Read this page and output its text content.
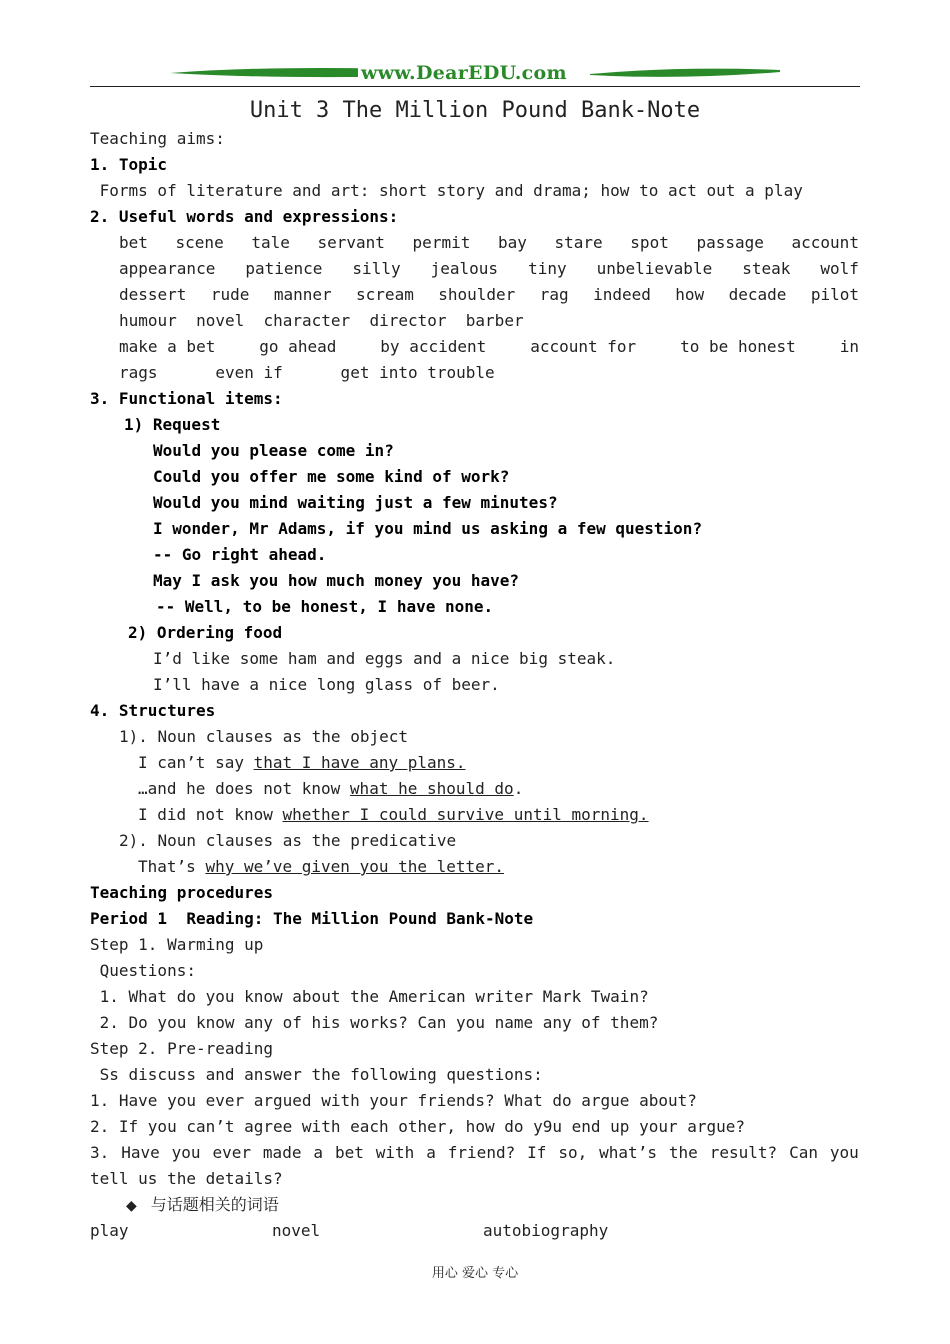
www.DearEDU.com
Unit 3 The Million Pound Bank-Note
Teaching aims:
1. Topic
Forms of literature and art: short story and drama; how to act out a play
2. Useful words and expressions:
bet scene tale servant permit bay stare spot passage account
appearance patience silly jealous tiny unbelievable steak wolf
dessert rude manner scream shoulder rag indeed how decade pilot
humour  novel  character  director  barber
make a bet	go ahead	by accident	account for	to be honest	in
rags      even if      get into trouble
3. Functional items:
1) Request
Would you please come in?
Could you offer me some kind of work?
Would you mind waiting just a few minutes?
I wonder, Mr Adams, if you mind us asking a few question?
-- Go right ahead.
May I ask you how much money you have?
-- Well, to be honest, I have none.
2) Ordering food
I’d like some ham and eggs and a nice big steak.
I’ll have a nice long glass of beer.
4. Structures
1). Noun clauses as the object
I can’t say that I have any plans.
…and he does not know what he should do.
I did not know whether I could survive until morning.
2). Noun clauses as the predicative
That’s why we’ve given you the letter.
Teaching procedures
Period 1  Reading: The Million Pound Bank-Note
Step 1. Warming up
Questions:
1. What do you know about the American writer Mark Twain?
2. Do you know any of his works? Can you name any of them?
Step 2. Pre-reading
Ss discuss and answer the following questions:
1. Have you ever argued with your friends? What do argue about?
2. If you can’t agree with each other, how do y9u end up your argue?
3. Have you ever made a bet with a friend? If so, what’s the result? Can you
tell us the details?
◆ 与话题相关的词语
play	novel	autobiography
用心 爱心 专心
